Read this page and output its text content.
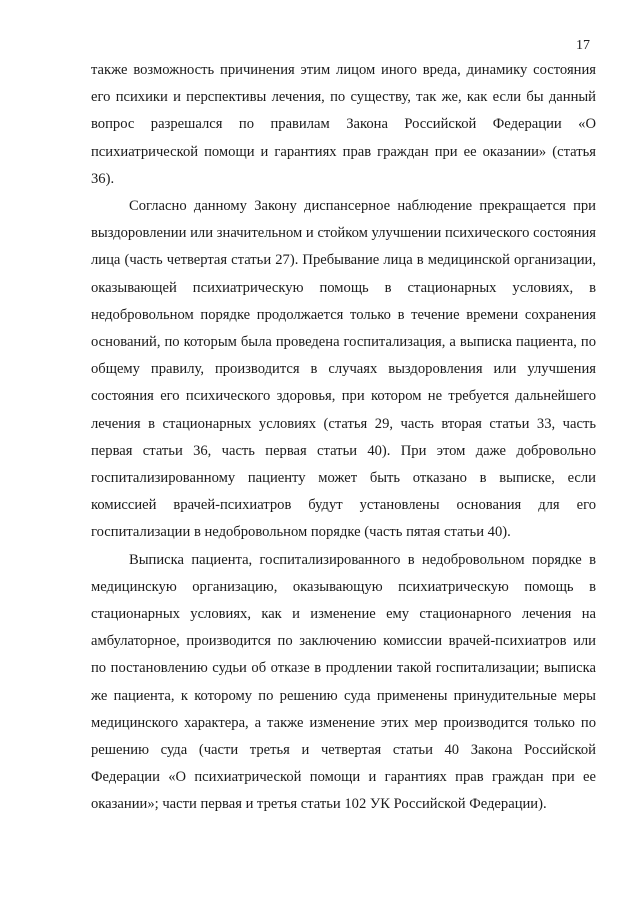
17

также возможность причинения этим лицом иного вреда, динамику состояния его психики и перспективы лечения, по существу, так же, как если бы данный вопрос разрешался по правилам Закона Российской Федерации «О психиатрической помощи и гарантиях прав граждан при ее оказании» (статья 36).

Согласно данному Закону диспансерное наблюдение прекращается при выздоровлении или значительном и стойком улучшении психического состояния лица (часть четвертая статьи 27). Пребывание лица в медицинской организации, оказывающей психиатрическую помощь в стационарных условиях, в недобровольном порядке продолжается только в течение времени сохранения оснований, по которым была проведена госпитализация, а выписка пациента, по общему правилу, производится в случаях выздоровления или улучшения состояния его психического здоровья, при котором не требуется дальнейшего лечения в стационарных условиях (статья 29, часть вторая статьи 33, часть первая статьи 36, часть первая статьи 40). При этом даже добровольно госпитализированному пациенту может быть отказано в выписке, если комиссией врачей-психиатров будут установлены основания для его госпитализации в недобровольном порядке (часть пятая статьи 40).

Выписка пациента, госпитализированного в недобровольном порядке в медицинскую организацию, оказывающую психиатрическую помощь в стационарных условиях, как и изменение ему стационарного лечения на амбулаторное, производится по заключению комиссии врачей-психиатров или по постановлению судьи об отказе в продлении такой госпитализации; выписка же пациента, к которому по решению суда применены принудительные меры медицинского характера, а также изменение этих мер производится только по решению суда (части третья и четвертая статьи 40 Закона Российской Федерации «О психиатрической помощи и гарантиях прав граждан при ее оказании»; части первая и третья статьи 102 УК Российской Федерации).
